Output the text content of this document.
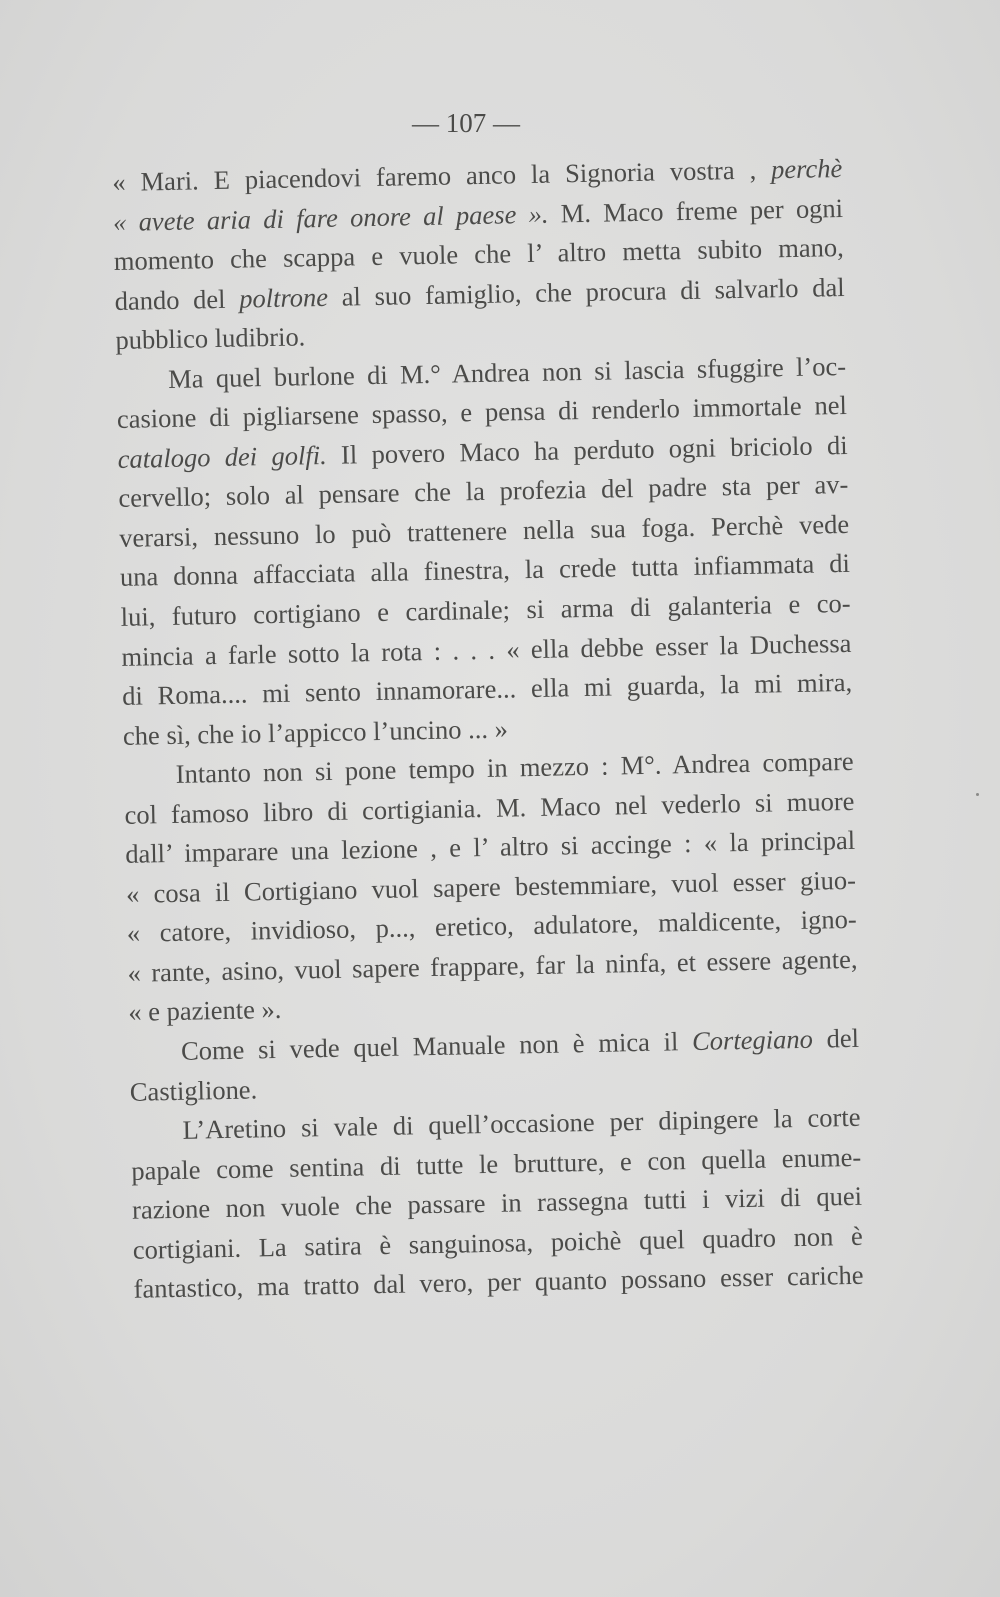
— 107 —
« Mari. E piacendovi faremo anco la Signoria vostra , perchè
« avete aria di fare onore al paese ». M. Maco freme per ogni
momento che scappa e vuole che l’ altro metta subito mano,
dando del poltrone al suo famiglio, che procura di salvarlo dal
pubblico ludibrio.
Ma quel burlone di M.° Andrea non si lascia sfuggire l’oc-
casione di pigliarsene spasso, e pensa di renderlo immortale nel
catalogo dei golfi. Il povero Maco ha perduto ogni briciolo di
cervello; solo al pensare che la profezia del padre sta per av-
verarsi, nessuno lo può trattenere nella sua foga. Perchè vede
una donna affacciata alla finestra, la crede tutta infiammata di
lui, futuro cortigiano e cardinale; si arma di galanteria e co-
mincia a farle sotto la rota : . . . « ella debbe esser la Duchessa
di Roma.... mi sento innamorare... ella mi guarda, la mi mira,
che sì, che io l’appicco l’uncino ... »
Intanto non si pone tempo in mezzo : M°. Andrea compare
col famoso libro di cortigiania. M. Maco nel vederlo si muore
dall’ imparare una lezione , e l’ altro si accinge : « la principal
« cosa il Cortigiano vuol sapere bestemmiare, vuol esser giuo-
« catore, invidioso, p..., eretico, adulatore, maldicente, igno-
« rante, asino, vuol sapere frappare, far la ninfa, et essere agente,
« e paziente ».
Come si vede quel Manuale non è mica il Cortegiano del
Castiglione.
L’Aretino si vale di quell’occasione per dipingere la corte
papale come sentina di tutte le brutture, e con quella enume-
razione non vuole che passare in rassegna tutti i vizi di quei
cortigiani. La satira è sanguinosa, poichè quel quadro non è
fantastico, ma tratto dal vero, per quanto possano esser cariche
